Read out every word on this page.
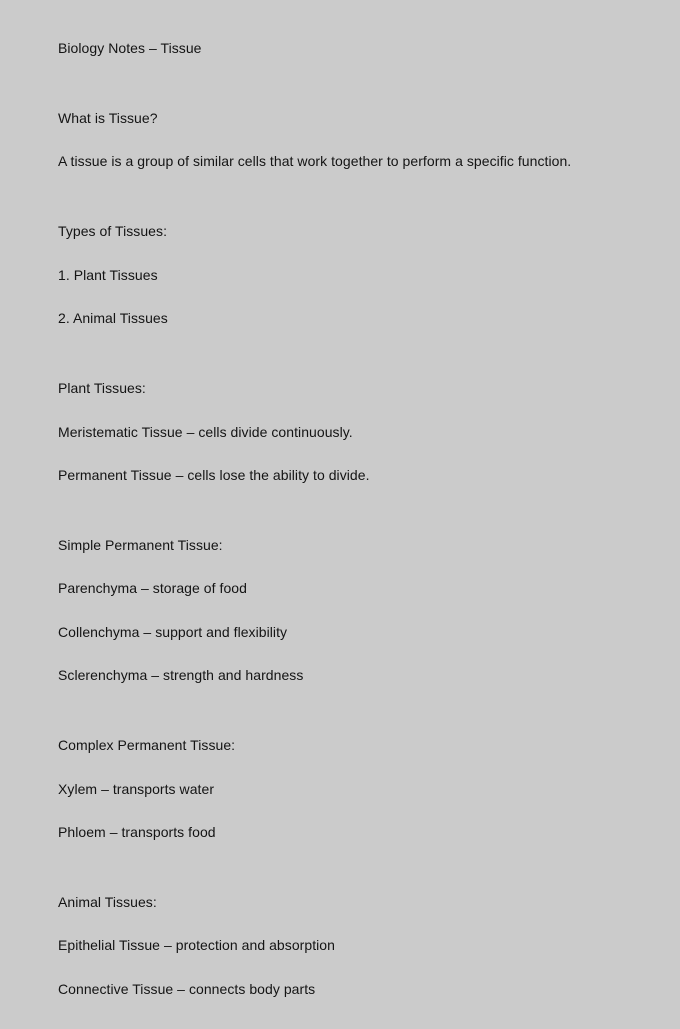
Biology Notes – Tissue
What is Tissue?
A tissue is a group of similar cells that work together to perform a specific function.
Types of Tissues:
1. Plant Tissues
2. Animal Tissues
Plant Tissues:
Meristematic Tissue – cells divide continuously.
Permanent Tissue – cells lose the ability to divide.
Simple Permanent Tissue:
Parenchyma – storage of food
Collenchyma – support and flexibility
Sclerenchyma – strength and hardness
Complex Permanent Tissue:
Xylem – transports water
Phloem – transports food
Animal Tissues:
Epithelial Tissue – protection and absorption
Connective Tissue – connects body parts
